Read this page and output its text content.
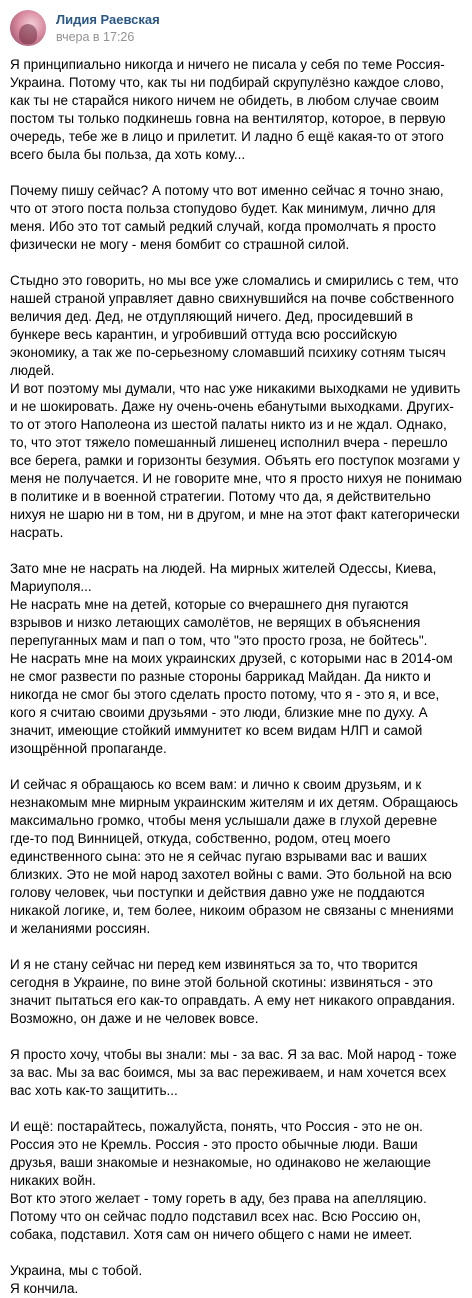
Лидия Раевская
вчера в 17:26

Я принципиально никогда и ничего не писала у себя по теме Россия-Украина. Потому что, как ты ни подбирай скрупулёзно каждое слово, как ты не старайся никого ничем не обидеть, в любом случае своим постом ты только подкинешь говна на вентилятор, которое, в первую очередь, тебе же в лицо и прилетит. И ладно б ещё какая-то от этого всего была бы польза, да хоть кому...

Почему пишу сейчас? А потому что вот именно сейчас я точно знаю, что от этого поста польза стопудово будет. Как минимум, лично для меня. Ибо это тот самый редкий случай, когда промолчать я просто физически не могу - меня бомбит со страшной силой.

Стыдно это говорить, но мы все уже сломались и смирились с тем, что нашей страной управляет давно свихнувшийся на почве собственного величия дед. Дед, не отдупляющий ничего. Дед, просидевший в бункере весь карантин, и угробивший оттуда всю российскую экономику, а так же по-серьезному сломавший психику сотням тысяч людей.
И вот поэтому мы думали, что нас уже никакими выходками не удивить и не шокировать. Даже ну очень-очень ебанутыми выходками. Других-то от этого Наполеона из шестой палаты никто из и не ждал. Однако, то, что этот тяжело помешанный лишенец исполнил вчера - перешло все берега, рамки и горизонты безумия. Объять его поступок мозгами у меня не получается. И не говорите мне, что я просто нихуя не понимаю в политике и в военной стратегии. Потому что да, я действительно нихуя не шарю ни в том, ни в другом, и мне на этот факт категорически насрать.

Зато мне не насрать на людей. На мирных жителей Одессы, Киева, Мариуполя...
Не насрать мне на детей, которые со вчерашнего дня пугаются взрывов и низко летающих самолётов, не верящих в объяснения перепуганных мам и пап о том, что "это просто гроза, не бойтесь".
Не насрать мне на моих украинских друзей, с которыми нас в 2014-ом не смог развести по разные стороны баррикад Майдан. Да никто и никогда не смог бы этого сделать просто потому, что я - это я, и все, кого я считаю своими друзьями - это люди, близкие мне по духу. А значит, имеющие стойкий иммунитет ко всем видам НЛП и самой изощрённой пропаганде.

И сейчас я обращаюсь ко всем вам: и лично к своим друзьям, и к незнакомым мне мирным украинским жителям и их детям. Обращаюсь максимально громко, чтобы меня услышали даже в глухой деревне где-то под Винницей, откуда, собственно, родом, отец моего единственного сына: это не я сейчас пугаю взрывами вас и ваших близких. Это не мой народ захотел войны с вами. Это больной на всю голову человек, чьи поступки и действия давно уже не поддаются никакой логике, и, тем более, никоим образом не связаны с мнениями и желаниями россиян.

И я не стану сейчас ни перед кем извиняться за то, что творится сегодня в Украине, по вине этой больной скотины: извиняться - это значит пытаться его как-то оправдать. А ему нет никакого оправдания. Возможно, он даже и не человек вовсе.

Я просто хочу, чтобы вы знали: мы - за вас. Я за вас. Мой народ - тоже за вас. Мы за вас боимся, мы за вас переживаем, и нам хочется всех вас хоть как-то защитить...

И ещё: постарайтесь, пожалуйста, понять, что Россия - это не он. Россия это не Кремль. Россия - это просто обычные люди. Ваши друзья, ваши знакомые и незнакомые, но одинаково не желающие никаких войн.
Вот кто этого желает - тому гореть в аду, без права на апелляцию. Потому что он сейчас подло подставил всех нас. Всю Россию он, собака, подставил. Хотя сам он ничего общего с нами не имеет.

Украина, мы с тобой.
Я кончила.
